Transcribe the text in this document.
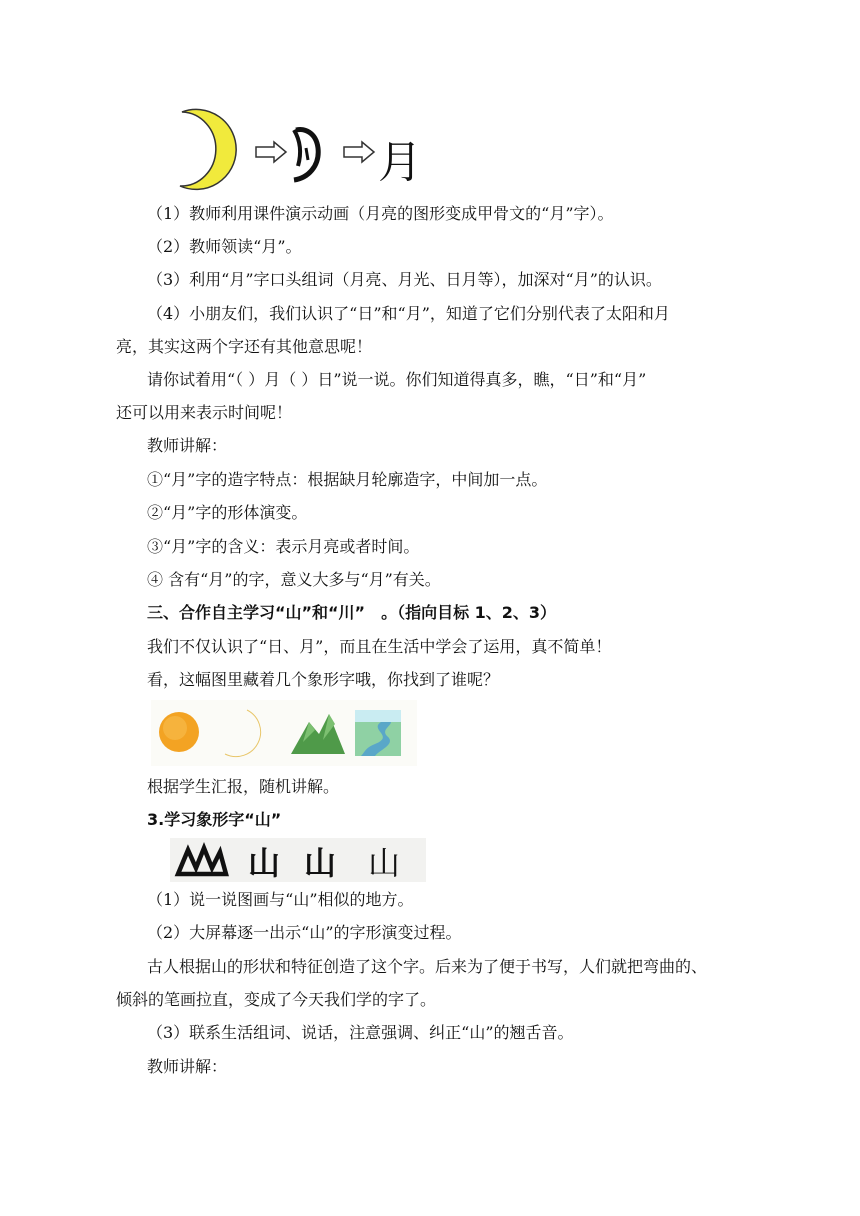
月
（1）教师利用课件演示动画（月亮的图形变成甲骨文的“月”字）。
（2）教师领读“月”。
（3）利用“月”字口头组词（月亮、月光、日月等），加深对“月”的认识。
（4）小朋友们，我们认识了“日”和“月”，知道了它们分别代表了太阳和月
亮，其实这两个字还有其他意思呢！
请你试着用“（ ）月（ ）日”说一说。你们知道得真多，瞧，“日”和“月”
还可以用来表示时间呢！
教师讲解：
①“月”字的造字特点：根据缺月轮廓造字，中间加一点。
②“月”字的形体演变。
③“月”字的含义：表示月亮或者时间。
④ 含有“月”的字，意义大多与“月”有关。
三、合作自主学习“山”和“川”　。（指向目标 1、2、3）
我们不仅认识了“日、月”，而且在生活中学会了运用，真不简单！
看，这幅图里藏着几个象形字哦，你找到了谁呢？
根据学生汇报，随机讲解。
3.学习象形字“山”
山 山 山
（1）说一说图画与“山”相似的地方。
（2）大屏幕逐一出示“山”的字形演变过程。
古人根据山的形状和特征创造了这个字。后来为了便于书写，人们就把弯曲的、
倾斜的笔画拉直，变成了今天我们学的字了。
（3）联系生活组词、说话，注意强调、纠正“山”的翘舌音。
教师讲解：
